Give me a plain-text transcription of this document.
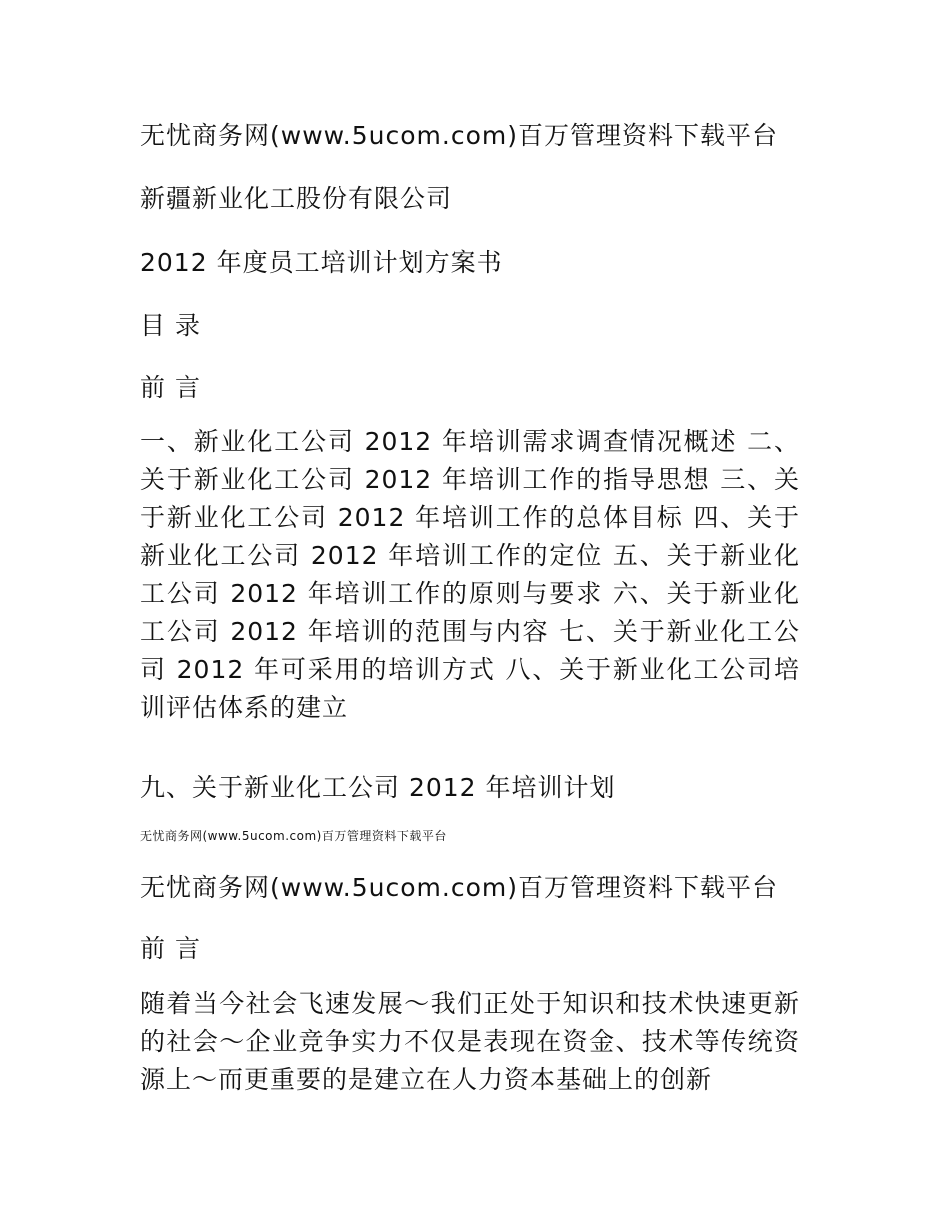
无忧商务网(www.5ucom.com)百万管理资料下载平台
新疆新业化工股份有限公司
2012 年度员工培训计划方案书
目 录
前 言
一、新业化工公司 2012 年培训需求调查情况概述 二、关于新业化工公司 2012 年培训工作的指导思想 三、关于新业化工公司 2012 年培训工作的总体目标 四、关于新业化工公司 2012 年培训工作的定位 五、关于新业化工公司 2012 年培训工作的原则与要求 六、关于新业化工公司 2012 年培训的范围与内容 七、关于新业化工公司 2012 年可采用的培训方式 八、关于新业化工公司培训评估体系的建立
九、关于新业化工公司 2012 年培训计划
无忧商务网(www.5ucom.com)百万管理资料下载平台
无忧商务网(www.5ucom.com)百万管理资料下载平台
前 言
随着当今社会飞速发展～我们正处于知识和技术快速更新的社会～企业竞争实力不仅是表现在资金、技术等传统资源上～而更重要的是建立在人力资本基础上的创新
